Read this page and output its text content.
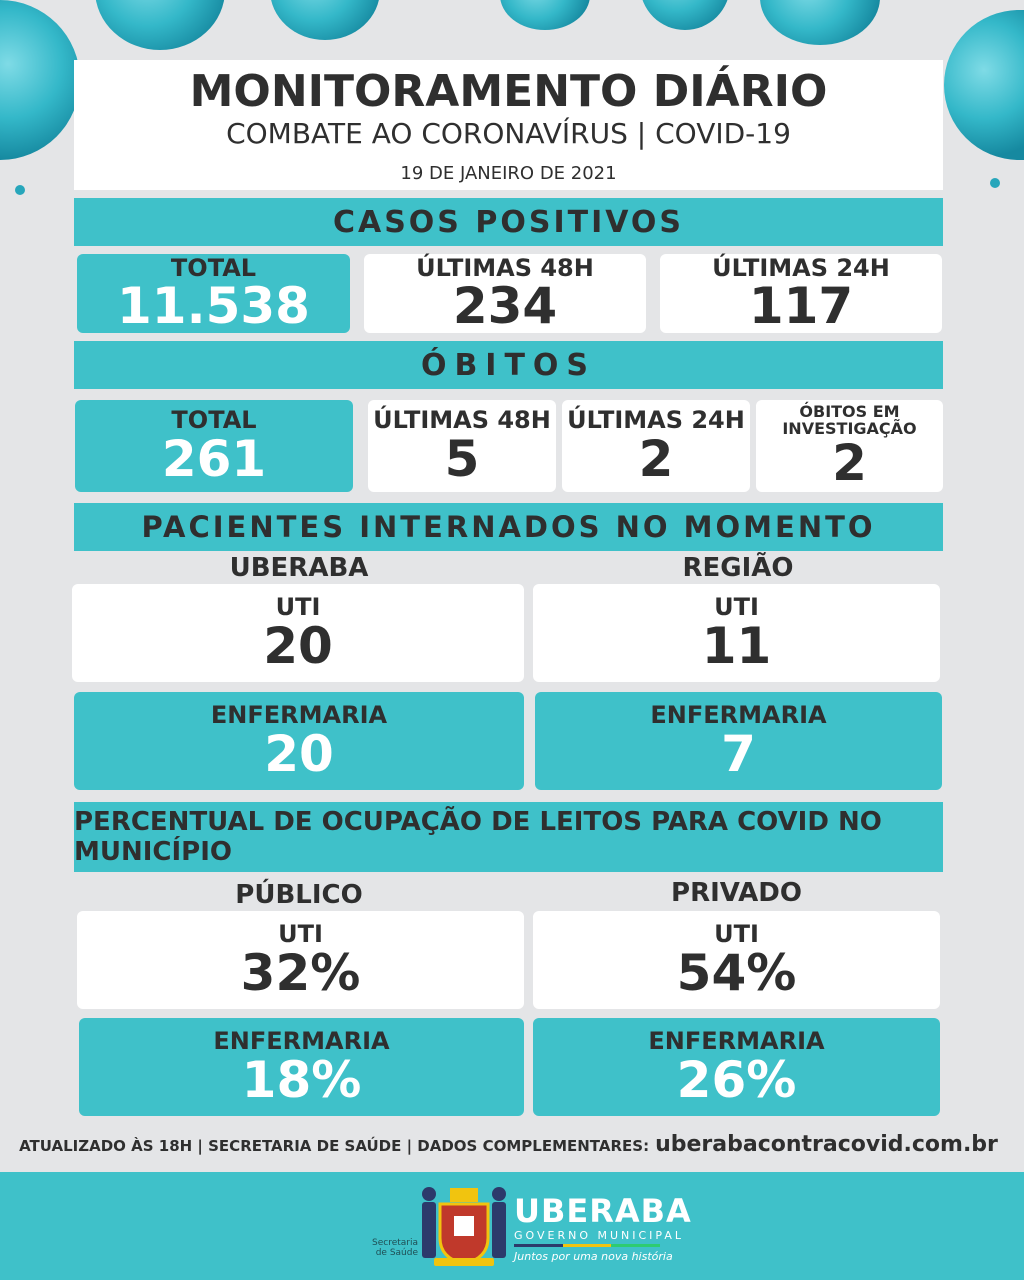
MONITORAMENTO DIÁRIO
COMBATE AO CORONAVÍRUS | COVID-19
19 DE JANEIRO DE 2021
CASOS POSITIVOS
TOTAL
11.538
ÚLTIMAS 48H
234
ÚLTIMAS 24H
117
ÓBITOS
TOTAL
261
ÚLTIMAS 48H
5
ÚLTIMAS 24H
2
ÓBITOS EM INVESTIGAÇÃO
2
PACIENTES INTERNADOS NO MOMENTO
UBERABA	REGIÃO
UTI
20
UTI
11
ENFERMARIA
20
ENFERMARIA
7
PERCENTUAL DE OCUPAÇÃO DE LEITOS PARA COVID NO MUNICÍPIO
PÚBLICO	PRIVADO
UTI
32%
UTI
54%
ENFERMARIA
18%
ENFERMARIA
26%
ATUALIZADO ÀS 18H | SECRETARIA DE SAÚDE | DADOS COMPLEMENTARES: uberabacontracovid.com.br
Secretaria de Saúde
UBERABA
GOVERNO MUNICIPAL
Juntos por uma nova história
